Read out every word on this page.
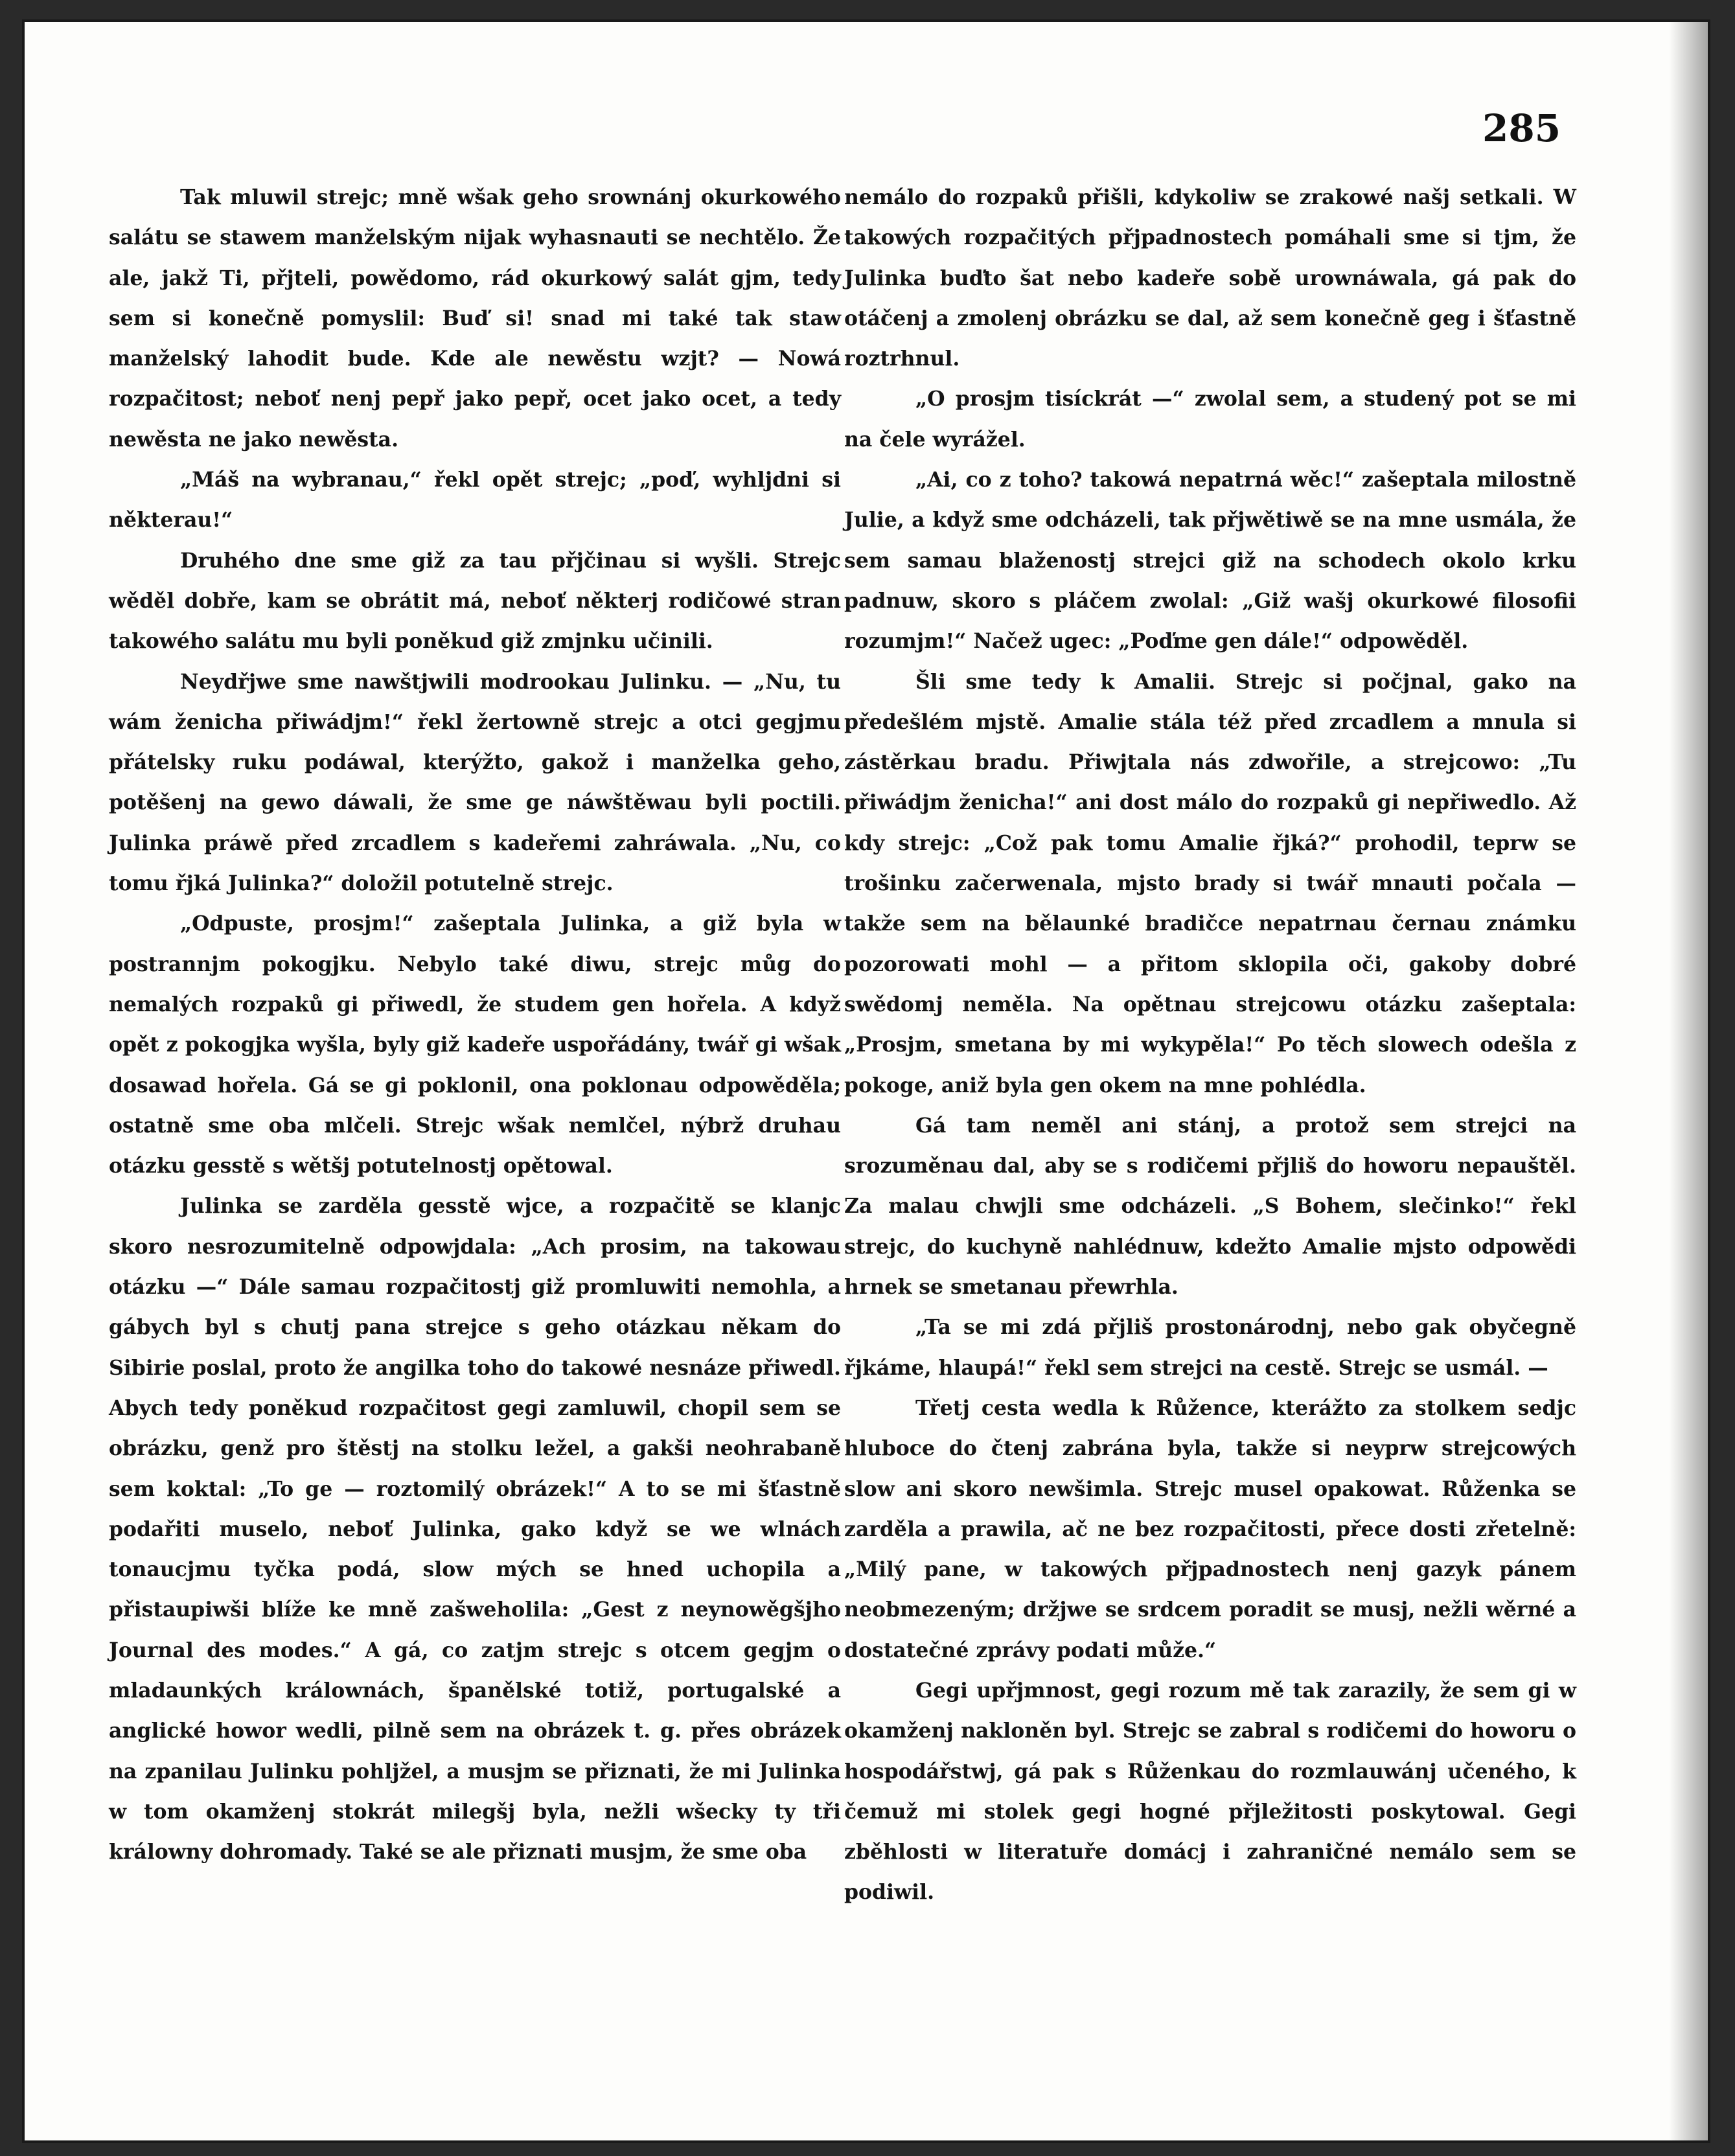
285

Tak mluwil strejc; mně wšak geho srownánj okurkowého salátu se stawem manželským nijak wyhasnauti se nechtělo. Že ale, jakž Ti, přjteli, powědomo, rád okurkowý salát gjm, tedy sem si konečně pomyslil: Buď si! snad mi také tak staw manželský lahodit bude. Kde ale newěstu wzjt? — Nowá rozpačitost; neboť nenj pepř jako pepř, ocet jako ocet, a tedy newěsta ne jako newěsta.

„Máš na wybranau,“ řekl opět strejc; „poď, wyhljdni si některau!“

Druhého dne sme giž za tau přjčinau si wyšli. Strejc wěděl dobře, kam se obrátit má, neboť některj rodičowé stran takowého salátu mu byli poněkud giž zmjnku učinili.

Neydřjwe sme nawštjwili modrookau Julinku. — „Nu, tu wám ženicha přiwádjm!“ řekl žertowně strejc a otci gegjmu přátelsky ruku podáwal, kterýžto, gakož i manželka geho, potěšenj na gewo dáwali, že sme ge náwštěwau byli poctili. Julinka práwě před zrcadlem s kadeřemi zahráwala. „Nu, co tomu řjká Julinka?“ doložil potutelně strejc.

„Odpuste, prosjm!“ zašeptala Julinka, a giž byla w postrannjm pokogjku. Nebylo také diwu, strejc můg do nemalých rozpaků gi přiwedl, že studem gen hořela. A když opět z pokogjka wyšla, byly giž kadeře uspořádány, twář gi wšak dosawad hořela. Gá se gi poklonil, ona poklonau odpowěděla; ostatně sme oba mlčeli. Strejc wšak nemlčel, nýbrž druhau otázku gesstě s wětšj potutelnostj opětowal.

Julinka se zarděla gesstě wjce, a rozpačitě se klanjc skoro nesrozumitelně odpowjdala: „Ach prosim, na takowau otázku —“ Dále samau rozpačitostj giž promluwiti nemohla, a gábych byl s chutj pana strejce s geho otázkau někam do Sibirie poslal, proto že angilka toho do takowé nesnáze přiwedl. Abych tedy poněkud rozpačitost gegi zamluwil, chopil sem se obrázku, genž pro štěstj na stolku ležel, a gakši neohrabaně sem koktal: „To ge — roztomilý obrázek!“ A to se mi šťastně podařiti muselo, neboť Julinka, gako když se we wlnách tonaucjmu tyčka podá, slow mých se hned uchopila a přistaupiwši blíže ke mně zašweholila: „Gest z neynowěgšjho Journal des modes.“ A gá, co zatjm strejc s otcem gegjm o mladaunkých králownách, španělské totiž, portugalské a anglické howor wedli, pilně sem na obrázek t. g. přes obrázek na zpanilau Julinku pohljžel, a musjm se přiznati, že mi Julinka w tom okamženj stokrát milegšj byla, nežli wšecky ty tři králowny dohromady. Také se ale přiznati musjm, že sme oba

nemálo do rozpaků přišli, kdykoliw se zrakowé našj setkali. W takowých rozpačitých přjpadnostech pomáhali sme si tjm, že Julinka buďto šat nebo kadeře sobě urownáwala, gá pak do otáčenj a zmolenj obrázku se dal, až sem konečně geg i šťastně roztrhnul.

„O prosjm tisíckrát —“ zwolal sem, a studený pot se mi na čele wyrážel.

„Ai, co z toho? takowá nepatrná wěc!“ zašeptala milostně Julie, a když sme odcházeli, tak přjwětiwě se na mne usmála, že sem samau blaženostj strejci giž na schodech okolo krku padnuw, skoro s pláčem zwolal: „Giž wašj okurkowé filosofii rozumjm!“ Načež ugec: „Poďme gen dále!“ odpowěděl.

Šli sme tedy k Amalii. Strejc si počjnal, gako na předešlém mjstě. Amalie stála též před zrcadlem a mnula si zástěrkau bradu. Přiwjtala nás zdwořile, a strejcowo: „Tu přiwádjm ženicha!“ ani dost málo do rozpaků gi nepřiwedlo. Až kdy strejc: „Což pak tomu Amalie řjká?“ prohodil, teprw se trošinku začerwenala, mjsto brady si twář mnauti počala — takže sem na bělaunké bradičce nepatrnau černau známku pozorowati mohl — a přitom sklopila oči, gakoby dobré swědomj neměla. Na opětnau strejcowu otázku zašeptala: „Prosjm, smetana by mi wykypěla!“ Po těch slowech odešla z pokoge, aniž byla gen okem na mne pohlédla.

Gá tam neměl ani stánj, a protož sem strejci na srozuměnau dal, aby se s rodičemi přjliš do howoru nepauštěl. Za malau chwjli sme odcházeli. „S Bohem, slečinko!“ řekl strejc, do kuchyně nahlédnuw, kdežto Amalie mjsto odpowědi hrnek se smetanau přewrhla.

„Ta se mi zdá přjliš prostonárodnj, nebo gak obyčegně řjkáme, hlaupá!“ řekl sem strejci na cestě. Strejc se usmál. —

Třetj cesta wedla k Růžence, kterážto za stolkem sedjc hluboce do čtenj zabrána byla, takže si neyprw strejcowých slow ani skoro newšimla. Strejc musel opakowat. Růženka se zarděla a prawila, ač ne bez rozpačitosti, přece dosti zřetelně: „Milý pane, w takowých přjpadnostech nenj gazyk pánem neobmezeným; držjwe se srdcem poradit se musj, nežli wěrné a dostatečné zprávy podati může.“

Gegi upřjmnost, gegi rozum mě tak zarazily, že sem gi w okamženj nakloněn byl. Strejc se zabral s rodičemi do howoru o hospodářstwj, gá pak s Růženkau do rozmlauwánj učeného, k čemuž mi stolek gegi hogné přjležitosti poskytowal. Gegi zběhlosti w literatuře domácj i zahraničné nemálo sem se podiwil.
